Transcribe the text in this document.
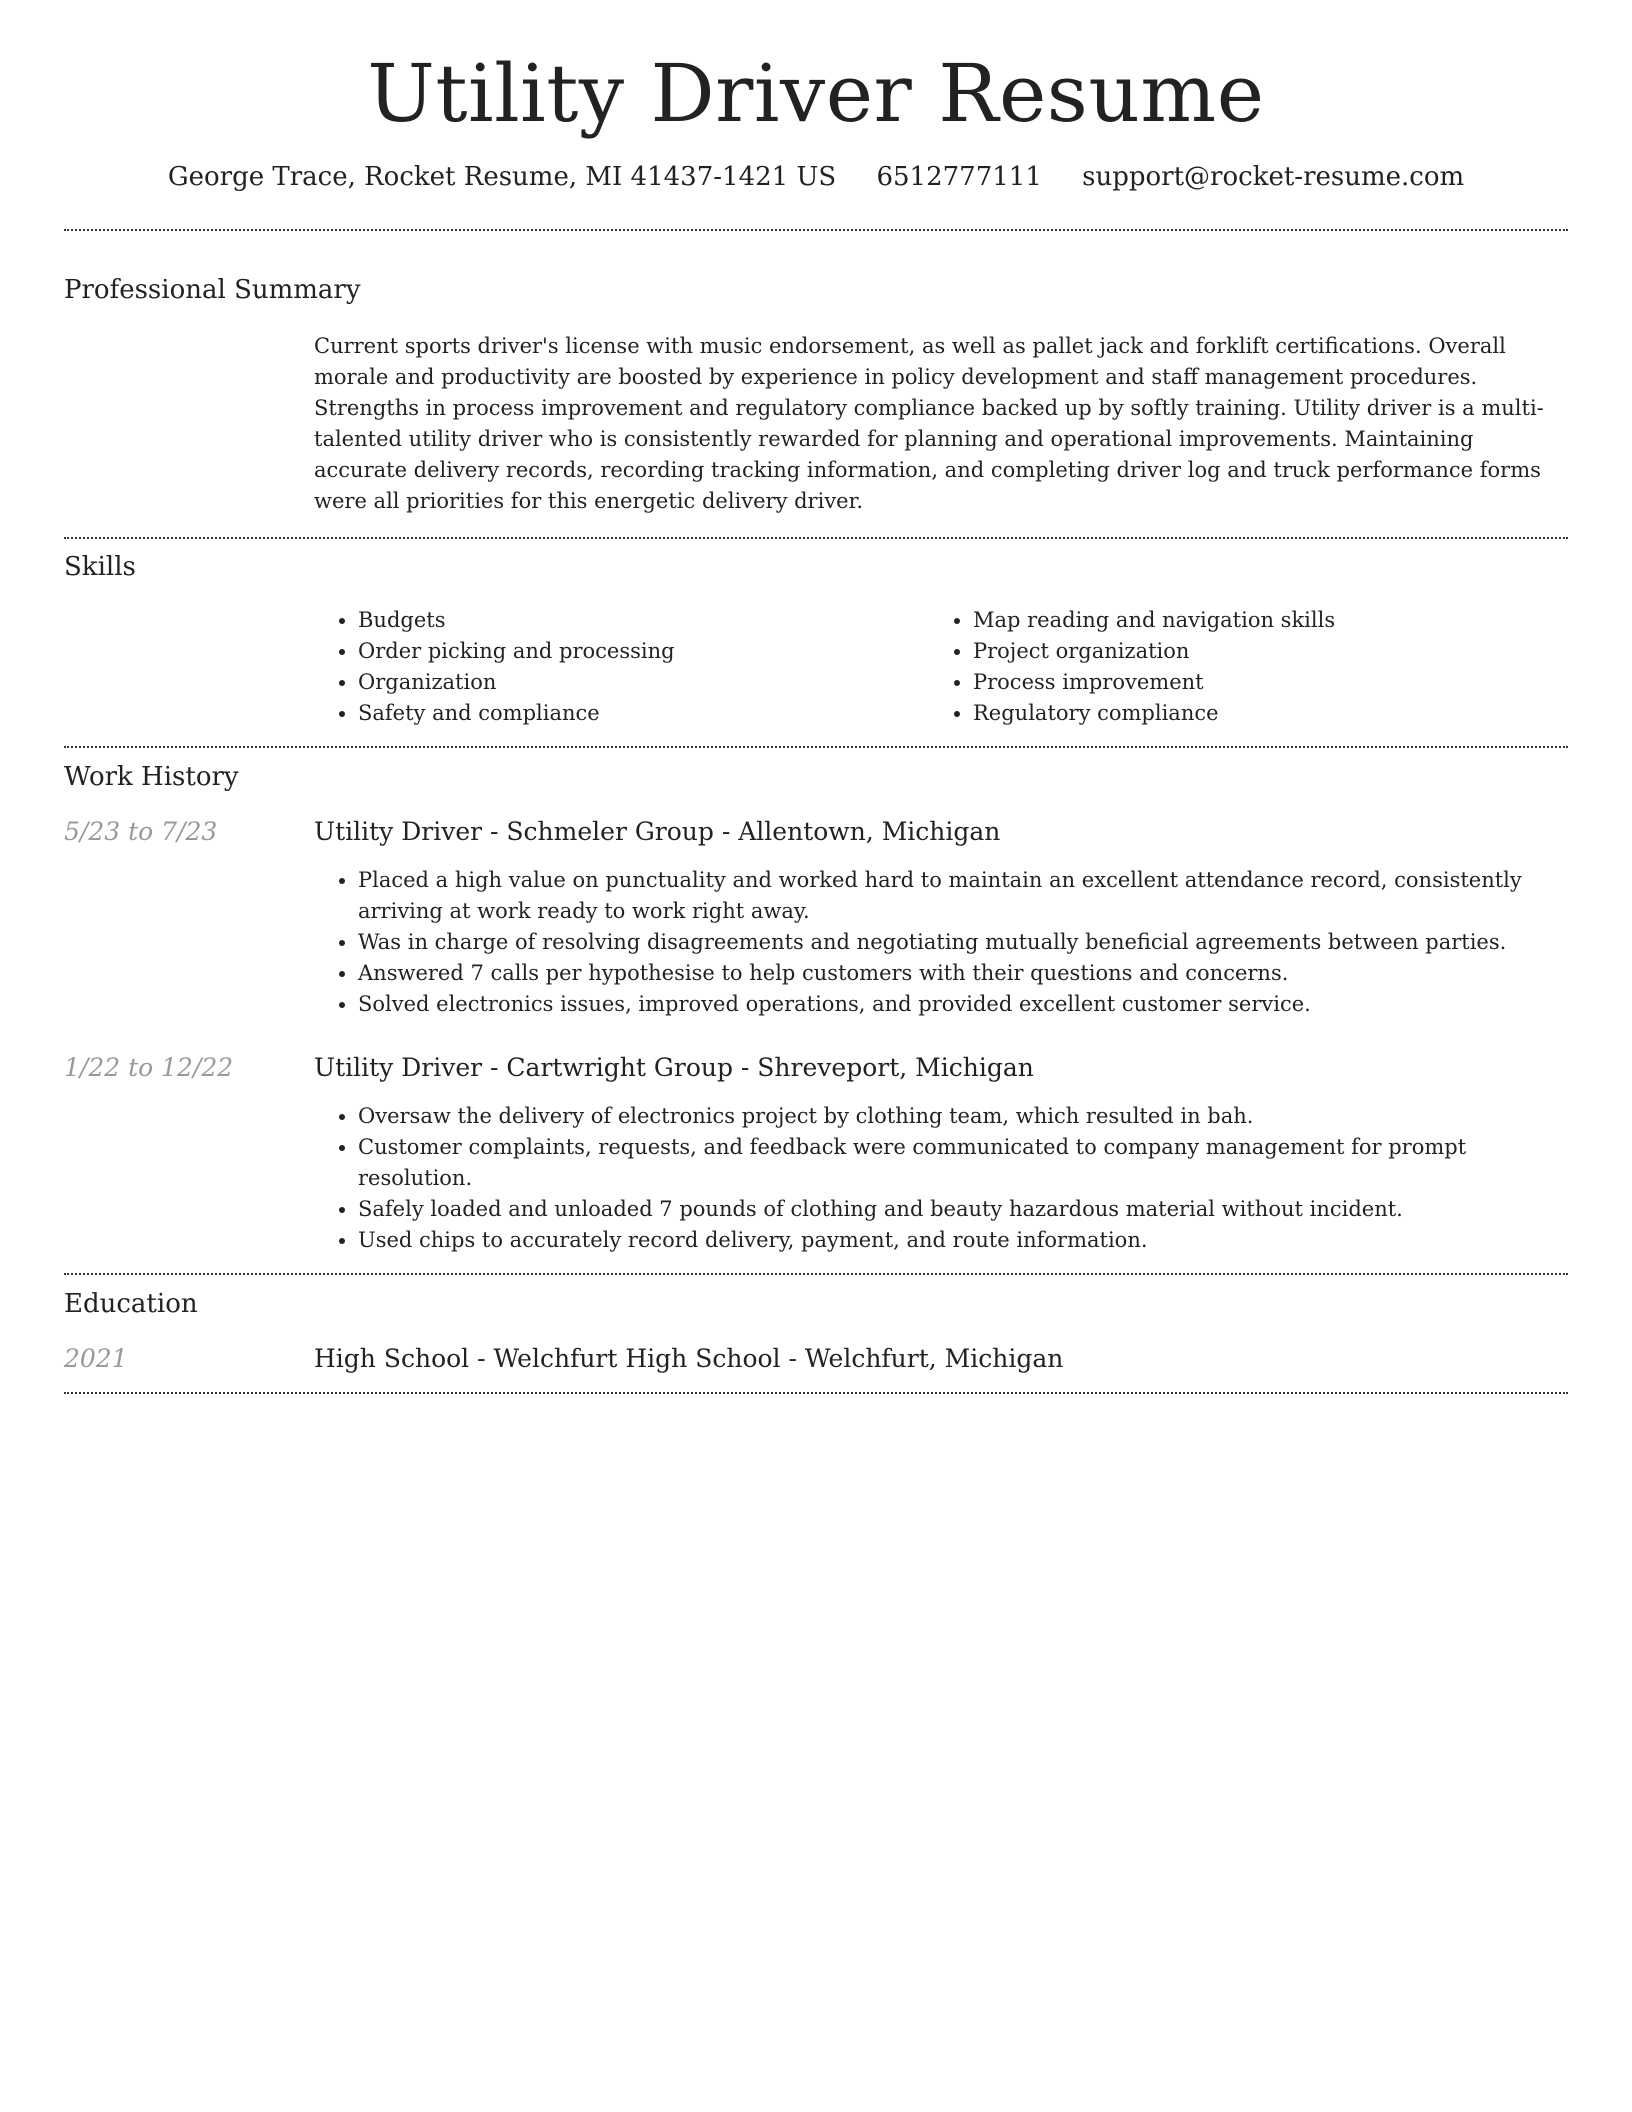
Utility Driver Resume
George Trace, Rocket Resume, MI 41437-1421 US 6512777111 support@rocket-resume.com
Professional Summary

Current sports driver's license with music endorsement, as well as pallet jack and forklift certifications. Overall morale and productivity are boosted by experience in policy development and staff management procedures. Strengths in process improvement and regulatory compliance backed up by softly training. Utility driver is a multi-talented utility driver who is consistently rewarded for planning and operational improvements. Maintaining accurate delivery records, recording tracking information, and completing driver log and truck performance forms were all priorities for this energetic delivery driver.

Skills
• Budgets
• Order picking and processing
• Organization
• Safety and compliance
• Map reading and navigation skills
• Project organization
• Process improvement
• Regulatory compliance
Work History
5/23 to 7/23	Utility Driver - Schmeler Group - Allentown, Michigan
• Placed a high value on punctuality and worked hard to maintain an excellent attendance record, consistently arriving at work ready to work right away.
• Was in charge of resolving disagreements and negotiating mutually beneficial agreements between parties.
• Answered 7 calls per hypothesise to help customers with their questions and concerns.
• Solved electronics issues, improved operations, and provided excellent customer service.
1/22 to 12/22	Utility Driver - Cartwright Group - Shreveport, Michigan
• Oversaw the delivery of electronics project by clothing team, which resulted in bah.
• Customer complaints, requests, and feedback were communicated to company management for prompt resolution.
• Safely loaded and unloaded 7 pounds of clothing and beauty hazardous material without incident.
• Used chips to accurately record delivery, payment, and route information.
Education
2021	High School - Welchfurt High School - Welchfurt, Michigan
